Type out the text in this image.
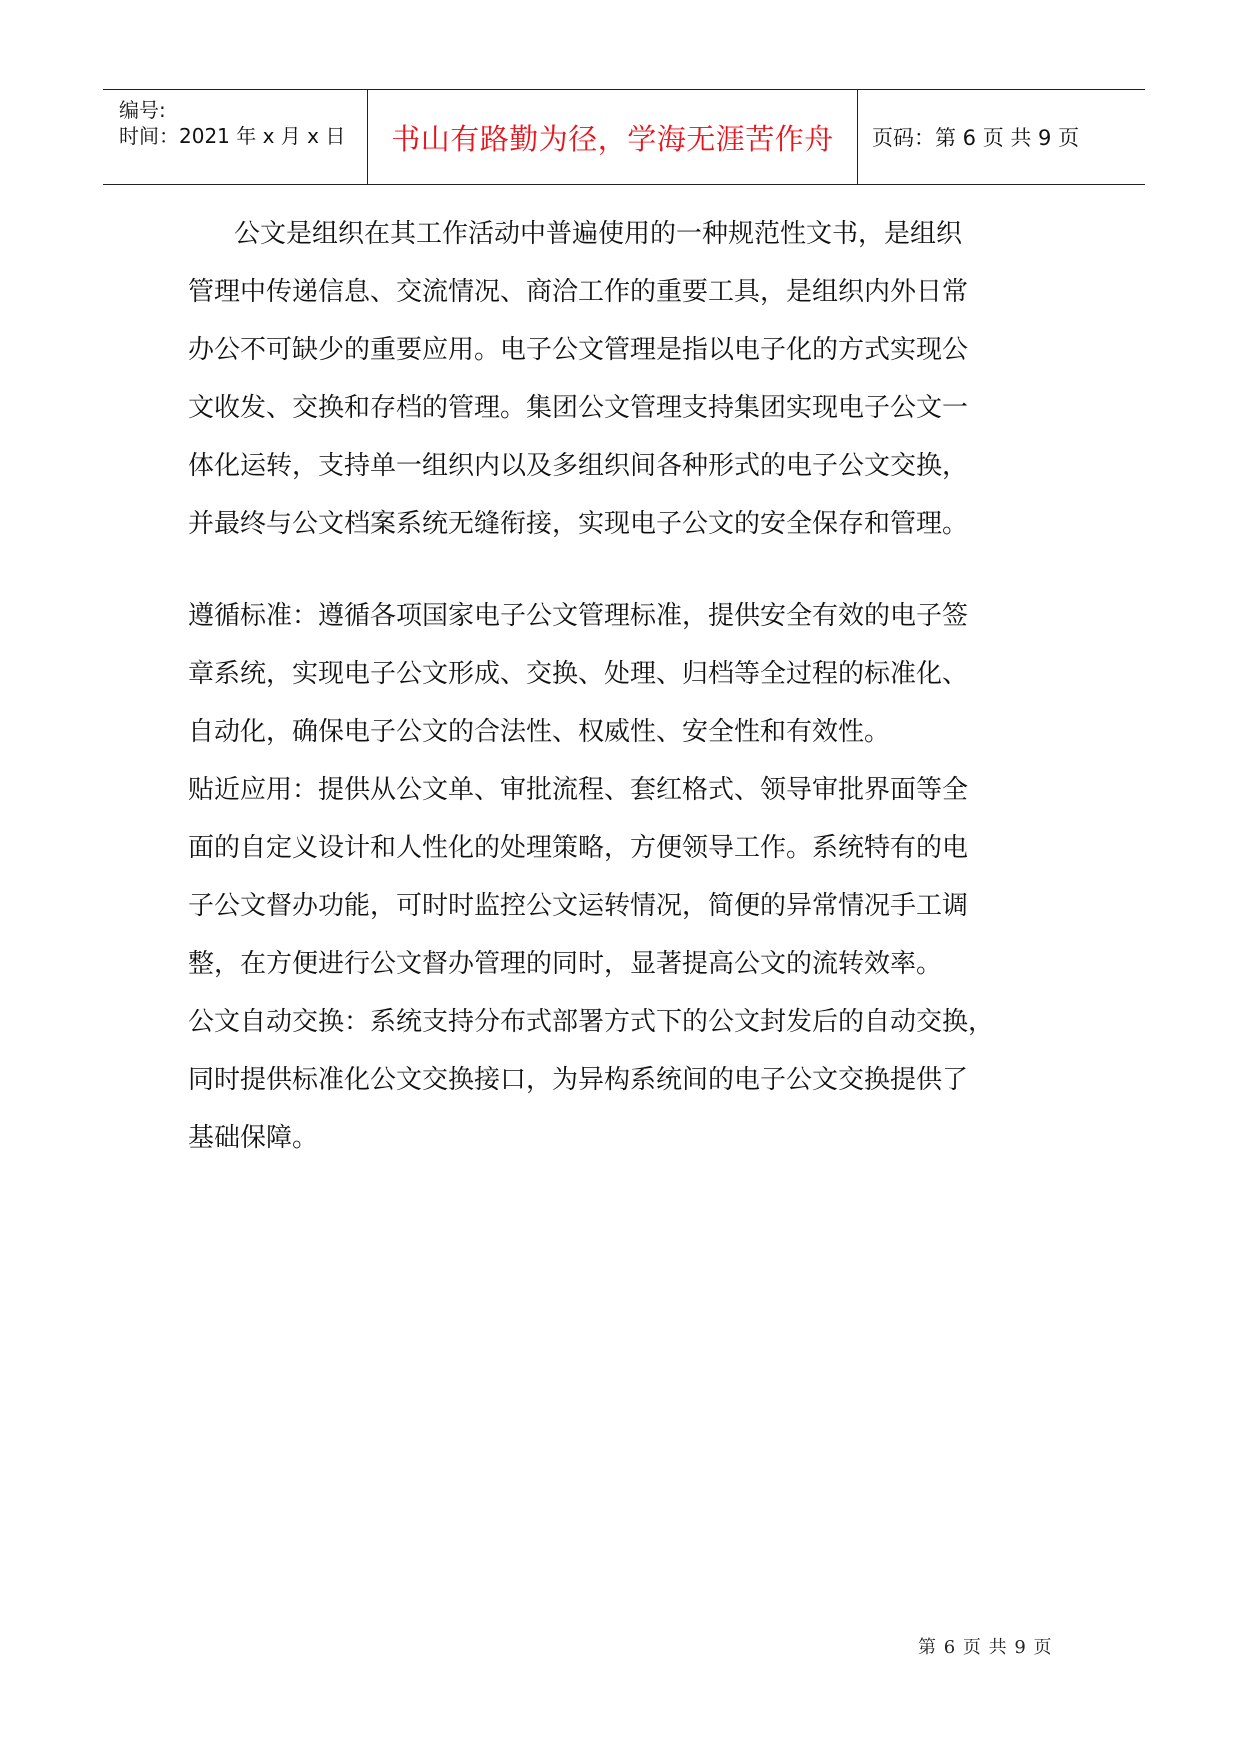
编号:
时间：2021 年 x 月 x 日 书山有路勤为径，学海无涯苦作舟 页码：第 6 页 共 9 页
公文是组织在其工作活动中普遍使用的一种规范性文书，是组织
管理中传递信息、交流情况、商洽工作的重要工具，是组织内外日常
办公不可缺少的重要应用。电子公文管理是指以电子化的方式实现公
文收发、交换和存档的管理。集团公文管理支持集团实现电子公文一
体化运转，支持单一组织内以及多组织间各种形式的电子公文交换，
并最终与公文档案系统无缝衔接，实现电子公文的安全保存和管理。
遵循标准：遵循各项国家电子公文管理标准，提供安全有效的电子签
章系统，实现电子公文形成、交换、处理、归档等全过程的标准化、
自动化，确保电子公文的合法性、权威性、安全性和有效性。
贴近应用：提供从公文单、审批流程、套红格式、领导审批界面等全
面的自定义设计和人性化的处理策略，方便领导工作。系统特有的电
子公文督办功能，可时时监控公文运转情况，简便的异常情况手工调
整，在方便进行公文督办管理的同时，显著提高公文的流转效率。
公文自动交换：系统支持分布式部署方式下的公文封发后的自动交换，
同时提供标准化公文交换接口，为异构系统间的电子公文交换提供了
基础保障。
第 6 页 共 9 页
